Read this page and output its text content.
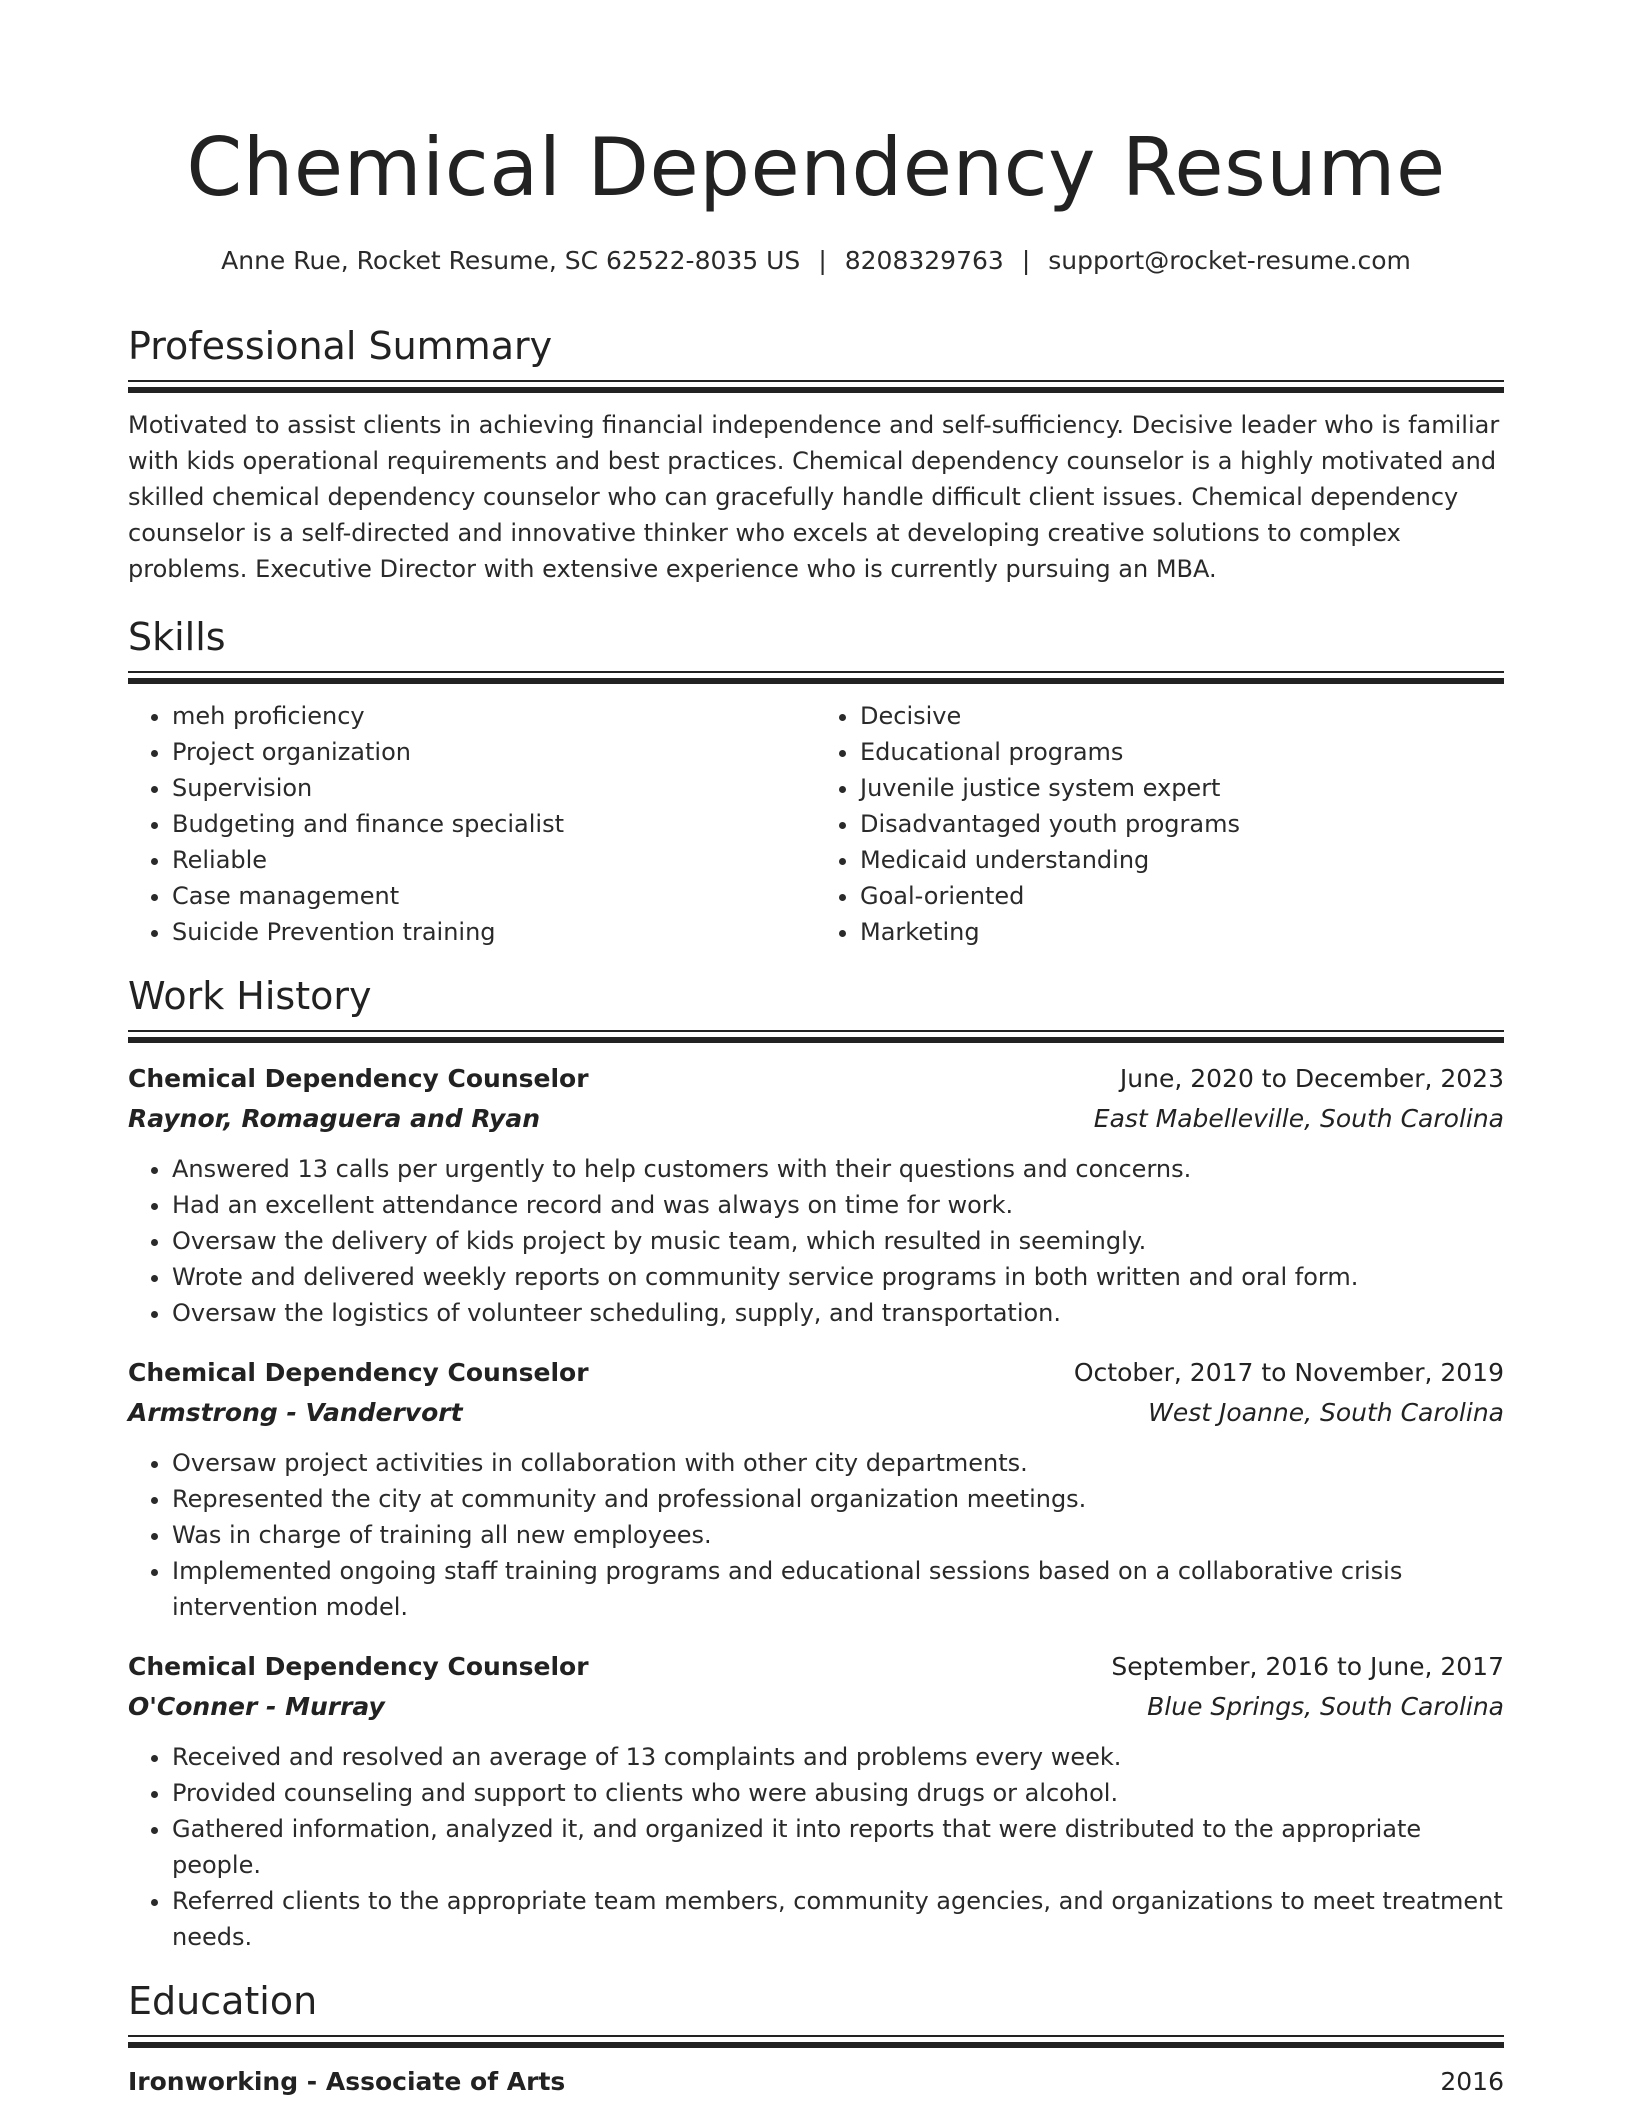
Chemical Dependency Resume
Anne Rue, Rocket Resume, SC 62522-8035 US | 8208329763 | support@rocket-resume.com
Professional Summary

Motivated to assist clients in achieving financial independence and self-sufficiency. Decisive leader who is familiar with kids operational requirements and best practices. Chemical dependency counselor is a highly motivated and skilled chemical dependency counselor who can gracefully handle difficult client issues. Chemical dependency counselor is a self-directed and innovative thinker who excels at developing creative solutions to complex problems. Executive Director with extensive experience who is currently pursuing an MBA.

Skills
• meh proficiency
• Project organization
• Supervision
• Budgeting and finance specialist
• Reliable
• Case management
• Suicide Prevention training
• Decisive
• Educational programs
• Juvenile justice system expert
• Disadvantaged youth programs
• Medicaid understanding
• Goal-oriented
• Marketing
Work History
Chemical Dependency Counselor	June, 2020 to December, 2023
Raynor, Romaguera and Ryan	East Mabelleville, South Carolina
• Answered 13 calls per urgently to help customers with their questions and concerns.
• Had an excellent attendance record and was always on time for work.
• Oversaw the delivery of kids project by music team, which resulted in seemingly.
• Wrote and delivered weekly reports on community service programs in both written and oral form.
• Oversaw the logistics of volunteer scheduling, supply, and transportation.
Chemical Dependency Counselor	October, 2017 to November, 2019
Armstrong - Vandervort	West Joanne, South Carolina
• Oversaw project activities in collaboration with other city departments.
• Represented the city at community and professional organization meetings.
• Was in charge of training all new employees.
• Implemented ongoing staff training programs and educational sessions based on a collaborative crisis intervention model.
Chemical Dependency Counselor	September, 2016 to June, 2017
O'Conner - Murray	Blue Springs, South Carolina
• Received and resolved an average of 13 complaints and problems every week.
• Provided counseling and support to clients who were abusing drugs or alcohol.
• Gathered information, analyzed it, and organized it into reports that were distributed to the appropriate people.
• Referred clients to the appropriate team members, community agencies, and organizations to meet treatment needs.
Education
Ironworking - Associate of Arts	2016
